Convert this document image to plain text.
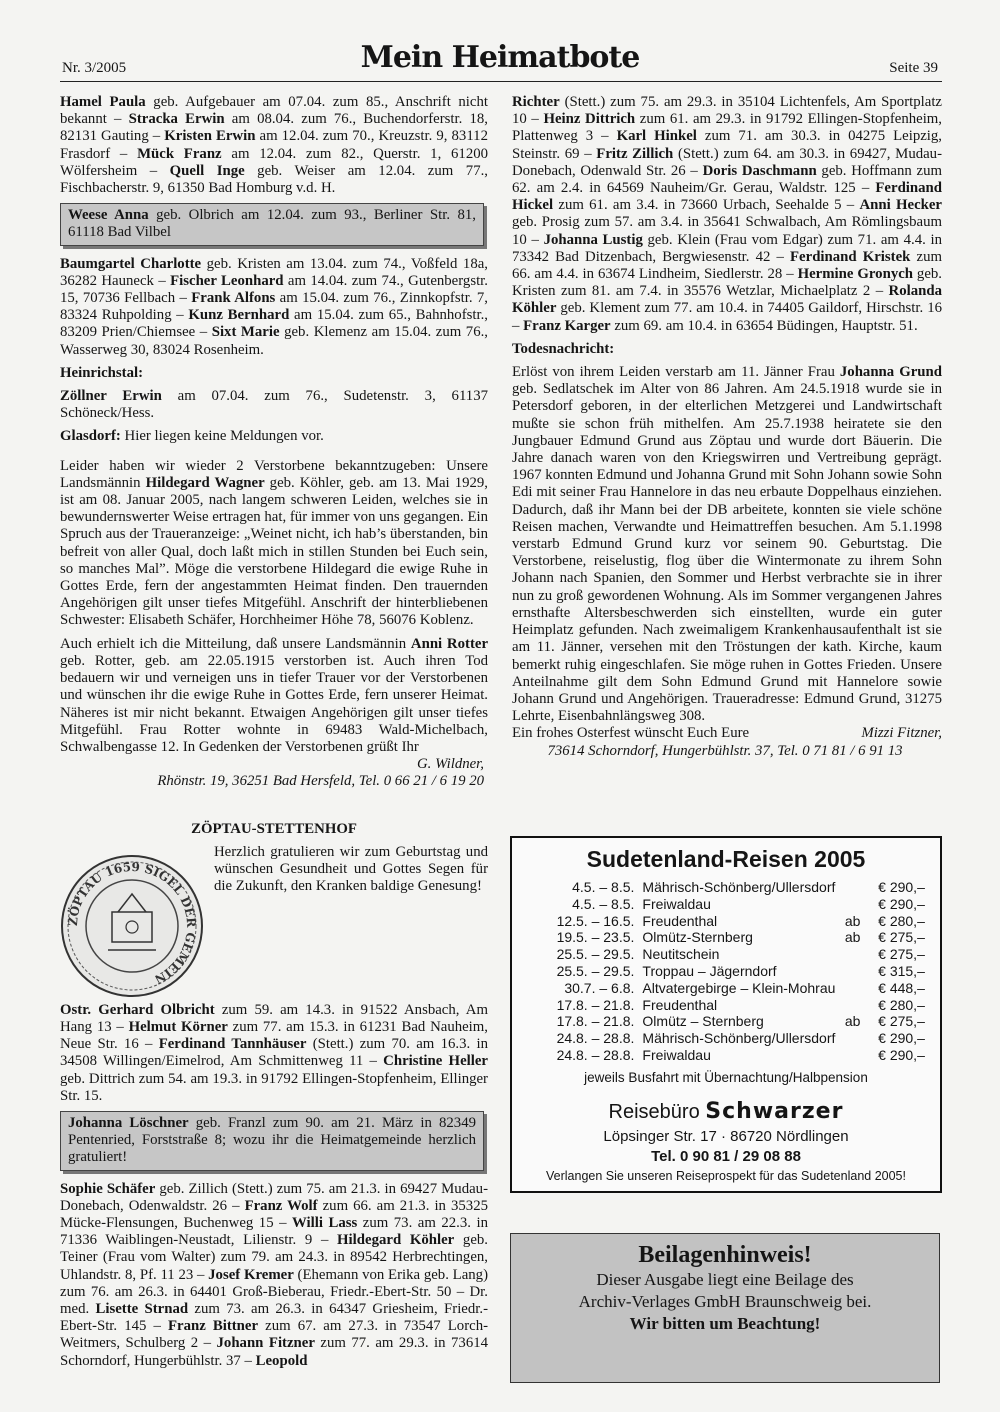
Nr. 3/2005	Mein Heimatbote	Seite 39

Hamel Paula geb. Aufgebauer am 07.04. zum 85., Anschrift nicht bekannt – Stracka Erwin am 08.04. zum 76., Buchendorferstr. 18, 82131 Gauting – Kristen Erwin am 12.04. zum 70., Kreuzstr. 9, 83112 Frasdorf – Mück Franz am 12.04. zum 82., Querstr. 1, 61200 Wölfersheim – Quell Inge geb. Weiser am 12.04. zum 77., Fischbacherstr. 9, 61350 Bad Homburg v.d. H.

Weese Anna geb. Olbrich am 12.04. zum 93., Berliner Str. 81, 61118 Bad Vilbel

Baumgartel Charlotte geb. Kristen am 13.04. zum 74., Voßfeld 18a, 36282 Hauneck – Fischer Leonhard am 14.04. zum 74., Gutenbergstr. 15, 70736 Fellbach – Frank Alfons am 15.04. zum 76., Zinnkopfstr. 7, 83324 Ruhpolding – Kunz Bernhard am 15.04. zum 65., Bahnhofstr., 83209 Prien/Chiemsee – Sixt Marie geb. Klemenz am 15.04. zum 76., Wasserweg 30, 83024 Rosenheim.

Heinrichstal:

Zöllner Erwin am 07.04. zum 76., Sudetenstr. 3, 61137 Schöneck/Hess.

Glasdorf: Hier liegen keine Meldungen vor.

Leider haben wir wieder 2 Verstorbene bekanntzugeben: Unsere Landsmännin Hildegard Wagner geb. Köhler, geb. am 13. Mai 1929, ist am 08. Januar 2005, nach langem schweren Leiden, welches sie in bewundernswerter Weise ertragen hat, für immer von uns gegangen. Ein Spruch aus der Traueranzeige: „Weinet nicht, ich hab’s überstanden, bin befreit von aller Qual, doch laßt mich in stillen Stunden bei Euch sein, so manches Mal”. Möge die verstorbene Hildegard die ewige Ruhe in Gottes Erde, fern der angestammten Heimat finden. Den trauernden Angehörigen gilt unser tiefes Mitgefühl. Anschrift der hinterbliebenen Schwester: Elisabeth Schäfer, Horchheimer Höhe 78, 56076 Koblenz.

Auch erhielt ich die Mitteilung, daß unsere Landsmännin Anni Rotter geb. Rotter, geb. am 22.05.1915 verstorben ist. Auch ihren Tod bedauern wir und verneigen uns in tiefer Trauer vor der Verstorbenen und wünschen ihr die ewige Ruhe in Gottes Erde, fern unserer Heimat. Näheres ist mir nicht bekannt. Etwaigen Angehörigen gilt unser tiefes Mitgefühl. Frau Rotter wohnte in 69483 Wald-Michelbach, Schwalbengasse 12. In Gedenken der Verstorbenen grüßt Ihr

G. Wildner,
Rhönstr. 19, 36251 Bad Hersfeld, Tel. 0 66 21 / 6 19 20
ZÖPTAU-STETTENHOF
ZÖPTAU 1659 SIGEL DER GEMEIN

Herzlich gratulieren wir zum Geburtstag und wünschen Gesundheit und Gottes Segen für die Zukunft, den Kranken baldige Genesung!

Ostr. Gerhard Olbricht zum 59. am 14.3. in 91522 Ansbach, Am Hang 13 – Helmut Körner zum 77. am 15.3. in 61231 Bad Nauheim, Neue Str. 16 – Ferdinand Tannhäuser (Stett.) zum 70. am 16.3. in 34508 Willingen/Eimelrod, Am Schmittenweg 11 – Christine Heller geb. Dittrich zum 54. am 19.3. in 91792 Ellingen-Stopfenheim, Ellinger Str. 15.

Johanna Löschner geb. Franzl zum 90. am 21. März in 82349 Pentenried, Forststraße 8; wozu ihr die Heimatgemeinde herzlich gratuliert!

Sophie Schäfer geb. Zillich (Stett.) zum 75. am 21.3. in 69427 Mudau-Donebach, Odenwaldstr. 26 – Franz Wolf zum 66. am 21.3. in 35325 Mücke-Flensungen, Buchenweg 15 – Willi Lass zum 73. am 22.3. in 71336 Waiblingen-Neustadt, Lilienstr. 9 – Hildegard Köhler geb. Teiner (Frau vom Walter) zum 79. am 24.3. in 89542 Herbrechtingen, Uhlandstr. 8, Pf. 11 23 – Josef Kremer (Ehemann von Erika geb. Lang) zum 76. am 26.3. in 64401 Groß-Bieberau, Friedr.-Ebert-Str. 50 – Dr. med. Lisette Strnad zum 73. am 26.3. in 64347 Griesheim, Friedr.-Ebert-Str. 145 – Franz Bittner zum 67. am 27.3. in 73547 Lorch-Weitmers, Schulberg 2 – Johann Fitzner zum 77. am 29.3. in 73614 Schorndorf, Hungerbühlstr. 37 – Leopold

Richter (Stett.) zum 75. am 29.3. in 35104 Lichtenfels, Am Sportplatz 10 – Heinz Dittrich zum 61. am 29.3. in 91792 Ellingen-Stopfenheim, Plattenweg 3 – Karl Hinkel zum 71. am 30.3. in 04275 Leipzig, Steinstr. 69 – Fritz Zillich (Stett.) zum 64. am 30.3. in 69427, Mudau-Donebach, Odenwald Str. 26 – Doris Daschmann geb. Hoffmann zum 62. am 2.4. in 64569 Nauheim/Gr. Gerau, Waldstr. 125 – Ferdinand Hickel zum 61. am 3.4. in 73660 Urbach, Seehalde 5 – Anni Hecker geb. Prosig zum 57. am 3.4. in 35641 Schwalbach, Am Römlingsbaum 10 – Johanna Lustig geb. Klein (Frau vom Edgar) zum 71. am 4.4. in 73342 Bad Ditzenbach, Bergwiesenstr. 42 – Ferdinand Kristek zum 66. am 4.4. in 63674 Lindheim, Siedlerstr. 28 – Hermine Gronych geb. Kristen zum 81. am 7.4. in 35576 Wetzlar, Michaelplatz 2 – Rolanda Köhler geb. Klement zum 77. am 10.4. in 74405 Gaildorf, Hirschstr. 16 – Franz Karger zum 69. am 10.4. in 63654 Büdingen, Hauptstr. 51.

Todesnachricht:

Erlöst von ihrem Leiden verstarb am 11. Jänner Frau Johanna Grund geb. Sedlatschek im Alter von 86 Jahren. Am 24.5.1918 wurde sie in Petersdorf geboren, in der elterlichen Metzgerei und Landwirtschaft mußte sie schon früh mithelfen. Am 25.7.1938 heiratete sie den Jungbauer Edmund Grund aus Zöptau und wurde dort Bäuerin. Die Jahre danach waren von den Kriegswirren und Vertreibung geprägt. 1967 konnten Edmund und Johanna Grund mit Sohn Johann sowie Sohn Edi mit seiner Frau Hannelore in das neu erbaute Doppelhaus einziehen. Dadurch, daß ihr Mann bei der DB arbeitete, konnten sie viele schöne Reisen machen, Verwandte und Heimattreffen besuchen. Am 5.1.1998 verstarb Edmund Grund kurz vor seinem 90. Geburtstag. Die Verstorbene, reiselustig, flog über die Wintermonate zu ihrem Sohn Johann nach Spanien, den Sommer und Herbst verbrachte sie in ihrer nun zu groß gewordenen Wohnung. Als im Sommer vergangenen Jahres ernsthafte Altersbeschwerden sich einstellten, wurde ein guter Heimplatz gefunden. Nach zweimaligem Krankenhausaufenthalt ist sie am 11. Jänner, versehen mit den Tröstungen der kath. Kirche, kaum bemerkt ruhig eingeschlafen. Sie möge ruhen in Gottes Frieden. Unsere Anteilnahme gilt dem Sohn Edmund Grund mit Hannelore sowie Johann Grund und Angehörigen. Traueradresse: Edmund Grund, 31275 Lehrte, Eisenbahnlängsweg 308.

Ein frohes Osterfest wünscht Euch Eure	Mizzi Fitzner,
73614 Schorndorf, Hungerbühlstr. 37, Tel. 0 71 81 / 6 91 13
Sudetenland-Reisen 2005
4.5. – 8.5.	Mährisch-Schönberg/Ullersdorf		€ 290,–
4.5. – 8.5.	Freiwaldau		€ 290,–
12.5. – 16.5.	Freudenthal	ab	€ 280,–
19.5. – 23.5.	Olmütz-Sternberg	ab	€ 275,–
25.5. – 29.5.	Neutitschein		€ 275,–
25.5. – 29.5.	Troppau – Jägerndorf		€ 315,–
30.7. – 6.8.	Altvatergebirge – Klein-Mohrau		€ 448,–
17.8. – 21.8.	Freudenthal		€ 280,–
17.8. – 21.8.	Olmütz – Sternberg	ab	€ 275,–
24.8. – 28.8.	Mährisch-Schönberg/Ullersdorf		€ 290,–
24.8. – 28.8.	Freiwaldau		€ 290,–
jeweils Busfahrt mit Übernachtung/Halbpension
Reisebüro Schwarzer
Löpsinger Str. 17 · 86720 Nördlingen
Tel. 0 90 81 / 29 08 88
Verlangen Sie unseren Reiseprospekt für das Sudetenland 2005!
Beilagenhinweis!
Dieser Ausgabe liegt eine Beilage des
Archiv-Verlages GmbH Braunschweig bei.
Wir bitten um Beachtung!
